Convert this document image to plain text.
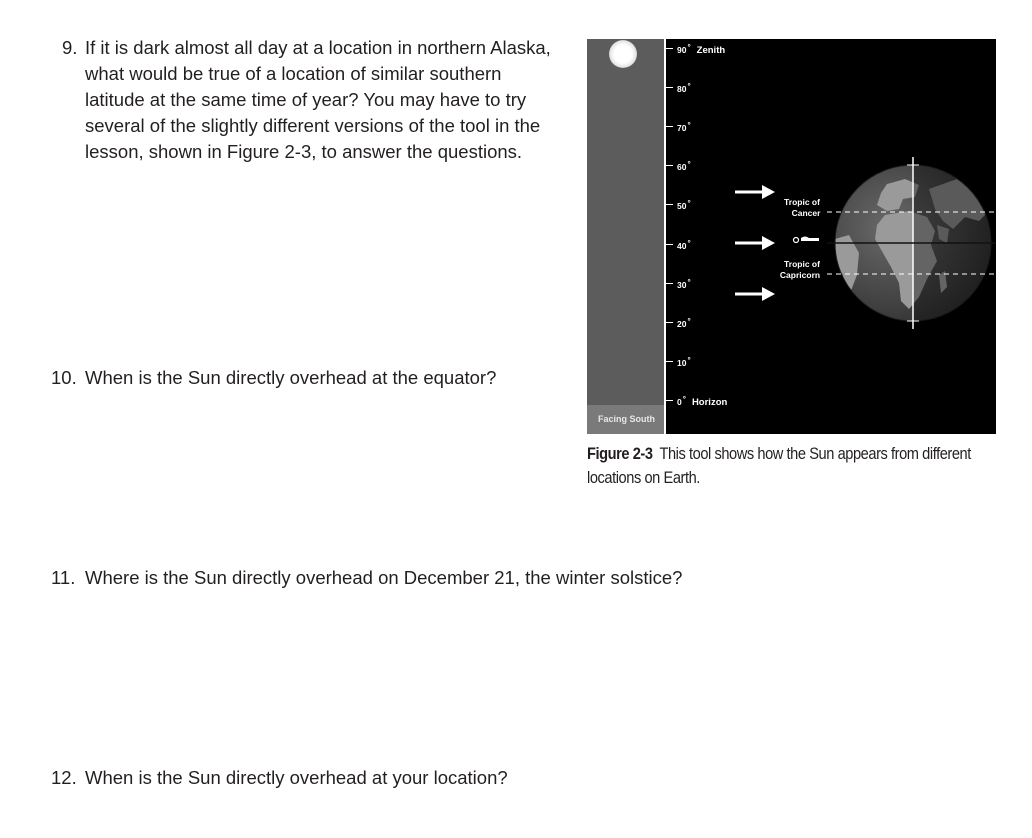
9. If it is dark almost all day at a location in northern Alaska, what would be true of a location of similar southern latitude at the same time of year? You may have to try several of the slightly different versions of the tool in the lesson, shown in Figure 2-3, to answer the questions.
10. When is the Sun directly overhead at the equator?
11. Where is the Sun directly overhead on December 21, the winter solstice?
12. When is the Sun directly overhead at your location?
Facing South
90° Zenith
80°
70°
60°
50°
40°
30°
20°
10°
0° Horizon
Tropic of
Cancer
Tropic of
Capricorn
Figure 2-3 This tool shows how the Sun appears from different locations on Earth.
